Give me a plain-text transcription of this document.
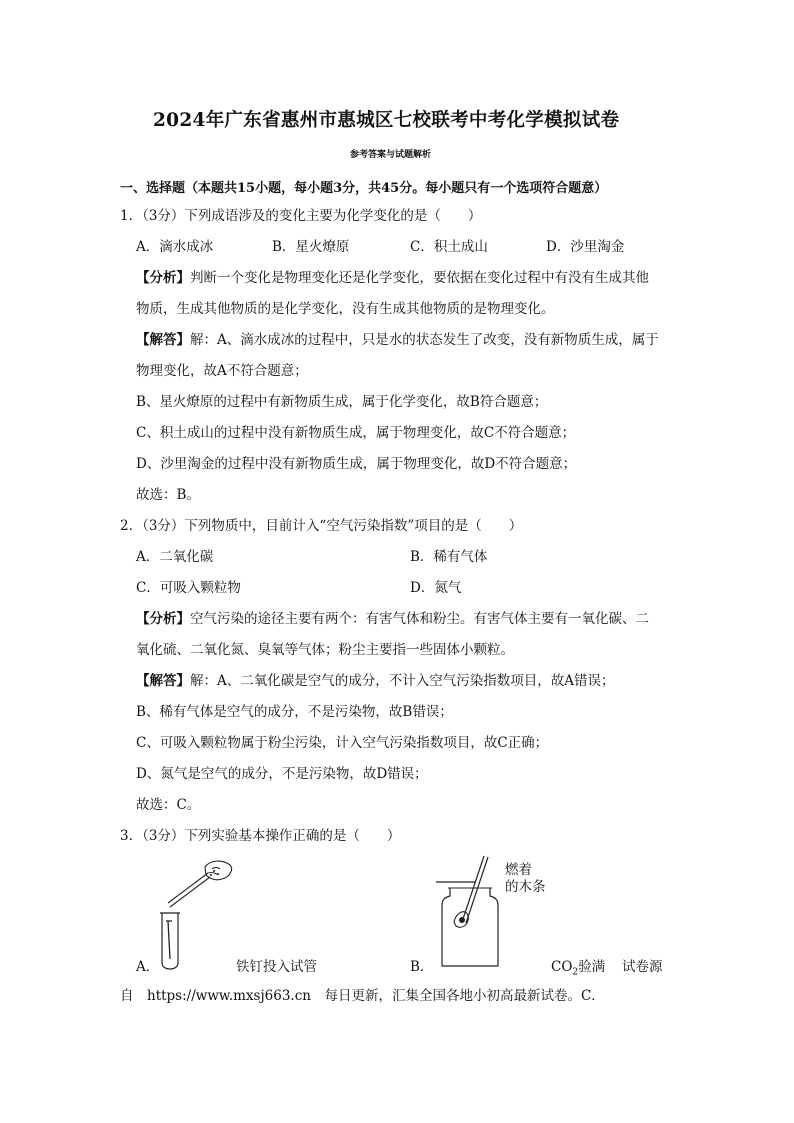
2024年广东省惠州市惠城区七校联考中考化学模拟试卷
参考答案与试题解析
一、选择题（本题共15小题，每小题3分，共45分。每小题只有一个选项符合题意）
1．（3分）下列成语涉及的变化主要为化学变化的是（　　）
A．滴水成冰	B．星火燎原	C．积土成山	D．沙里淘金
【分析】判断一个变化是物理变化还是化学变化，要依据在变化过程中有没有生成其他
物质，生成其他物质的是化学变化，没有生成其他物质的是物理变化。
【解答】解：A、滴水成冰的过程中，只是水的状态发生了改变，没有新物质生成，属于
物理变化，故A不符合题意；
B、星火燎原的过程中有新物质生成，属于化学变化，故B符合题意；
C、积土成山的过程中没有新物质生成，属于物理变化，故C不符合题意；
D、沙里淘金的过程中没有新物质生成，属于物理变化，故D不符合题意；
故选：B。
2．（3分）下列物质中，目前计入“空气污染指数”项目的是（　　）
A．二氧化碳	B．稀有气体
C．可吸入颗粒物	D．氮气
【分析】空气污染的途径主要有两个：有害气体和粉尘。有害气体主要有一氧化碳、二
氧化硫、二氧化氮、臭氧等气体；粉尘主要指一些固体小颗粒。
【解答】解：A、二氧化碳是空气的成分，不计入空气污染指数项目，故A错误；
B、稀有气体是空气的成分，不是污染物，故B错误；
C、可吸入颗粒物属于粉尘污染，计入空气污染指数项目，故C正确；
D、氮气是空气的成分，不是污染物，故D错误；
故选：C。
3．（3分）下列实验基本操作正确的是（　　）
A．	铁钉投入试管
燃着
的木条
B．	$CO_2$验满 试卷源
自　https://www.mxsj663.cn　每日更新，汇集全国各地小初高最新试卷。C．
